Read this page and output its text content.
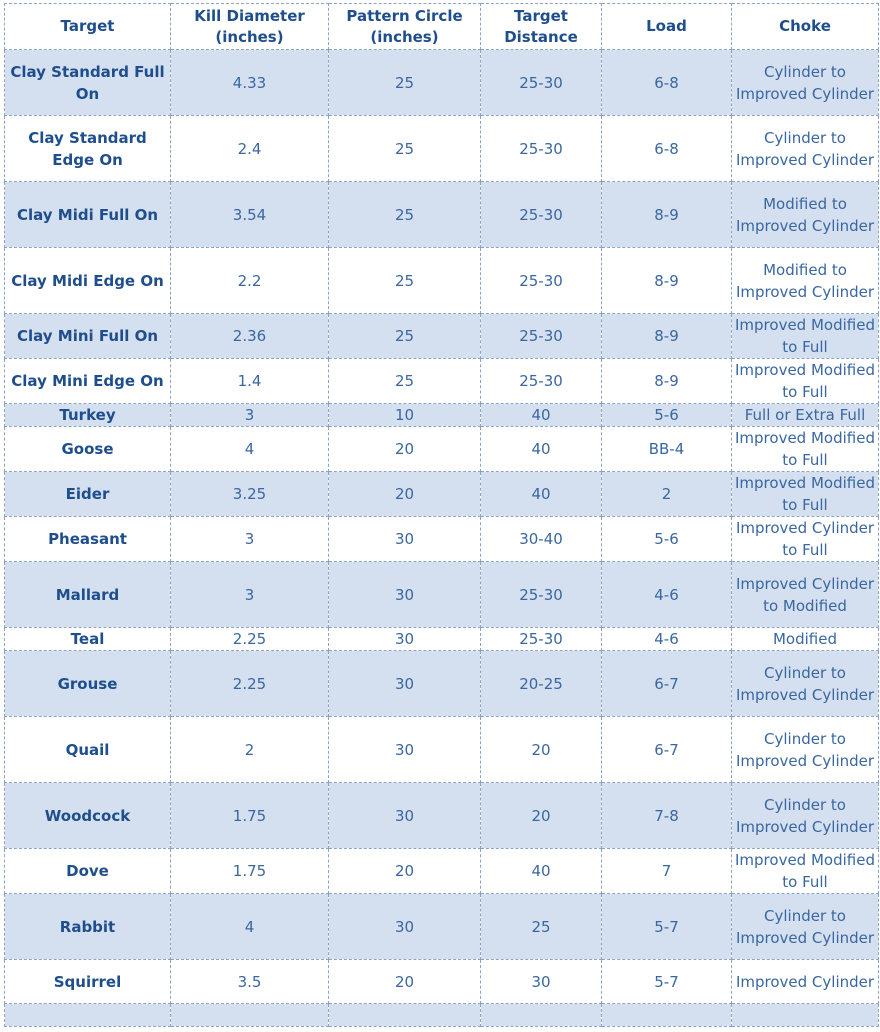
Target	Kill Diameter (inches)	Pattern Circle (inches)	Target Distance	Load	Choke
Clay Standard Full On	4.33	25	25-30	6-8	Cylinder to Improved Cylinder
Clay Standard Edge On	2.4	25	25-30	6-8	Cylinder to Improved Cylinder
Clay Midi Full On	3.54	25	25-30	8-9	Modified to Improved Cylinder
Clay Midi Edge On	2.2	25	25-30	8-9	Modified to Improved Cylinder
Clay Mini Full On	2.36	25	25-30	8-9	Improved Modified to Full
Clay Mini Edge On	1.4	25	25-30	8-9	Improved Modified to Full
Turkey	3	10	40	5-6	Full or Extra Full
Goose	4	20	40	BB-4	Improved Modified to Full
Eider	3.25	20	40	2	Improved Modified to Full
Pheasant	3	30	30-40	5-6	Improved Cylinder to Full
Mallard	3	30	25-30	4-6	Improved Cylinder to Modified
Teal	2.25	30	25-30	4-6	Modified
Grouse	2.25	30	20-25	6-7	Cylinder to Improved Cylinder
Quail	2	30	20	6-7	Cylinder to Improved Cylinder
Woodcock	1.75	30	20	7-8	Cylinder to Improved Cylinder
Dove	1.75	20	40	7	Improved Modified to Full
Rabbit	4	30	25	5-7	Cylinder to Improved Cylinder
Squirrel	3.5	20	30	5-7	Improved Cylinder
